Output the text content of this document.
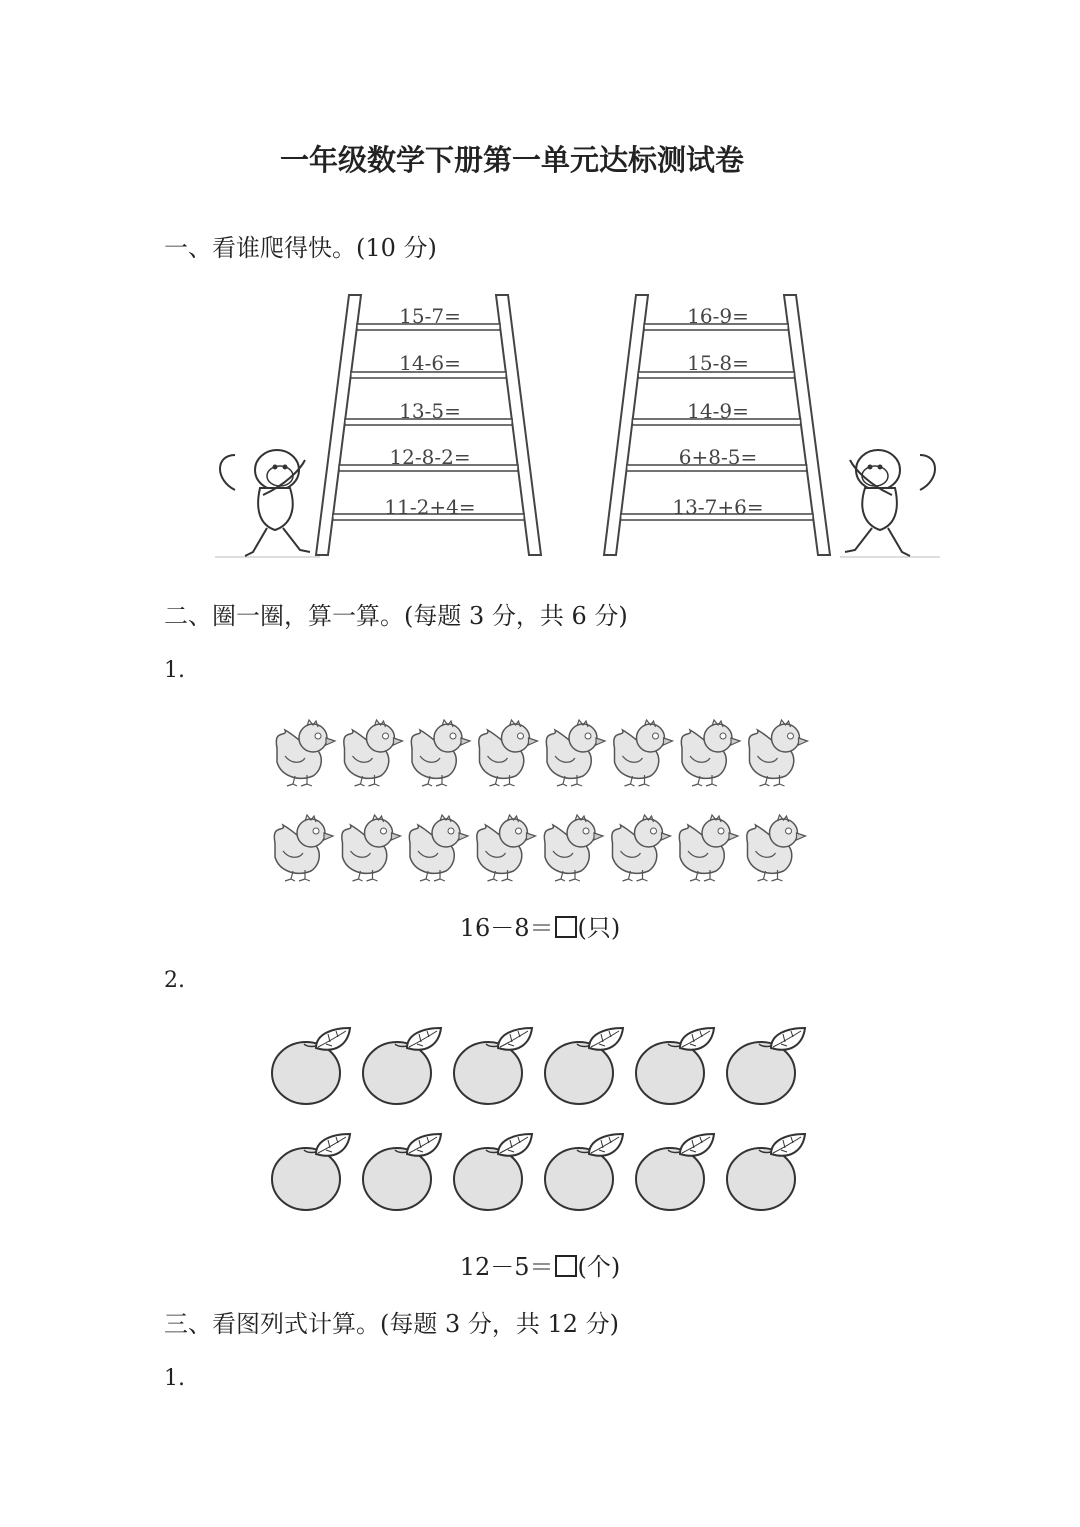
一年级数学下册第一单元达标测试卷
一、看谁爬得快。(10 分)
15-7=
14-6=
13-5=
12-8-2=
11-2+4=
16-9=
15-8=
14-9=
6+8-5=
13-7+6=
二、圈一圈，算一算。(每题 3 分，共 6 分)
1.
16－8＝ (只)
2.
12－5＝ (个)
三、看图列式计算。(每题 3 分，共 12 分)
1.
